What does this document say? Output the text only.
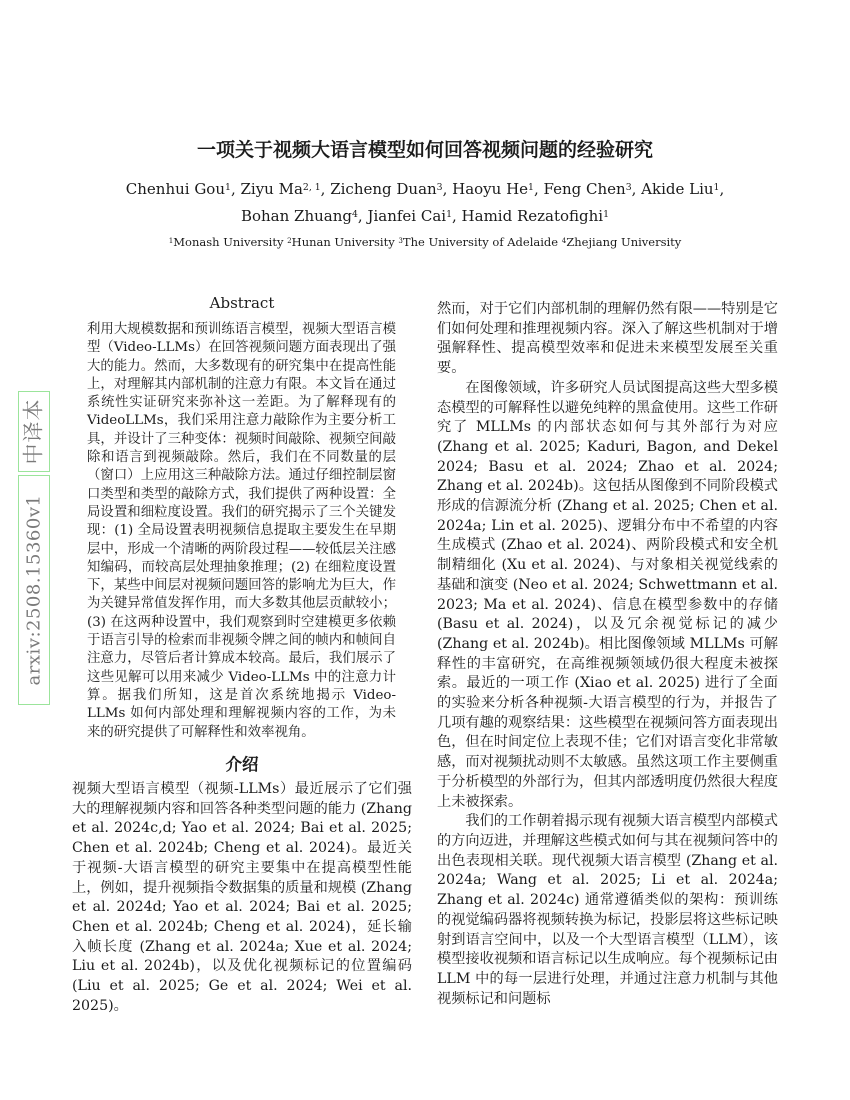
中译本
arxiv:2508.15360v1
一项关于视频大语言模型如何回答视频问题的经验研究
Chenhui Gou$^1$, Ziyu Ma$^{2, 1}$, Zicheng Duan$^3$, Haoyu He$^1$, Feng Chen$^3$, Akide Liu$^1$,
Bohan Zhuang$^4$, Jianfei Cai$^1$, Hamid Rezatofighi$^1$
$^1$Monash University $^2$Hunan University $^3$The University of Adelaide $^4$Zhejiang University
Abstract

利用大规模数据和预训练语言模型，视频大型语言模型（Video-LLMs）在回答视频问题方面表现出了强大的能力。然而，大多数现有的研究集中在提高性能上，对理解其内部机制的注意力有限。本文旨在通过系统性实证研究来弥补这一差距。为了解释现有的 VideoLLMs，我们采用注意力敲除作为主要分析工具，并设计了三种变体：视频时间敲除、视频空间敲除和语言到视频敲除。然后，我们在不同数量的层（窗口）上应用这三种敲除方法。通过仔细控制层窗口类型和类型的敲除方式，我们提供了两种设置：全局设置和细粒度设置。我们的研究揭示了三个关键发现：(1) 全局设置表明视频信息提取主要发生在早期层中，形成一个清晰的两阶段过程——较低层关注感知编码，而较高层处理抽象推理；(2) 在细粒度设置下，某些中间层对视频问题回答的影响尤为巨大，作为关键异常值发挥作用，而大多数其他层贡献较小；(3) 在这两种设置中，我们观察到时空建模更多依赖于语言引导的检索而非视频令牌之间的帧内和帧间自注意力，尽管后者计算成本较高。最后，我们展示了这些见解可以用来减少 Video-LLMs 中的注意力计算。据我们所知，这是首次系统地揭示 Video-LLMs 如何内部处理和理解视频内容的工作，为未来的研究提供了可解释性和效率视角。

介绍

视频大型语言模型（视频-LLMs）最近展示了它们强大的理解视频内容和回答各种类型问题的能力 (Zhang et al. 2024c,d; Yao et al. 2024; Bai et al. 2025; Chen et al. 2024b; Cheng et al. 2024)。最近关于视频-大语言模型的研究主要集中在提高模型性能上，例如，提升视频指令数据集的质量和规模 (Zhang et al. 2024d; Yao et al. 2024; Bai et al. 2025; Chen et al. 2024b; Cheng et al. 2024)，延长输入帧长度 (Zhang et al. 2024a; Xue et al. 2024; Liu et al. 2024b)，以及优化视频标记的位置编码 (Liu et al. 2025; Ge et al. 2024; Wei et al. 2025)。

然而，对于它们内部机制的理解仍然有限——特别是它们如何处理和推理视频内容。深入了解这些机制对于增强解释性、提高模型效率和促进未来模型发展至关重要。

在图像领域，许多研究人员试图提高这些大型多模态模型的可解释性以避免纯粹的黑盒使用。这些工作研究了 MLLMs 的内部状态如何与其外部行为对应 (Zhang et al. 2025; Kaduri, Bagon, and Dekel 2024; Basu et al. 2024; Zhao et al. 2024; Zhang et al. 2024b)。这包括从图像到不同阶段模式形成的信源流分析 (Zhang et al. 2025; Chen et al. 2024a; Lin et al. 2025)、逻辑分布中不希望的内容生成模式 (Zhao et al. 2024)、两阶段模式和安全机制精细化 (Xu et al. 2024)、与对象相关视觉线索的基础和演变 (Neo et al. 2024; Schwettmann et al. 2023; Ma et al. 2024)、信息在模型参数中的存储 (Basu et al. 2024)，以及冗余视觉标记的减少 (Zhang et al. 2024b)。相比图像领域 MLLMs 可解释性的丰富研究，在高维视频领域仍很大程度未被探索。最近的一项工作 (Xiao et al. 2025) 进行了全面的实验来分析各种视频-大语言模型的行为，并报告了几项有趣的观察结果：这些模型在视频问答方面表现出色，但在时间定位上表现不佳；它们对语言变化非常敏感，而对视频扰动则不太敏感。虽然这项工作主要侧重于分析模型的外部行为，但其内部透明度仍然很大程度上未被探索。

我们的工作朝着揭示现有视频大语言模型内部模式的方向迈进，并理解这些模式如何与其在视频问答中的出色表现相关联。现代视频大语言模型 (Zhang et al. 2024a; Wang et al. 2025; Li et al. 2024a; Zhang et al. 2024c) 通常遵循类似的架构：预训练的视觉编码器将视频转换为标记，投影层将这些标记映射到语言空间中，以及一个大型语言模型（LLM），该模型接收视频和语言标记以生成响应。每个视频标记由 LLM 中的每一层进行处理，并通过注意力机制与其他视频标记和问题标
